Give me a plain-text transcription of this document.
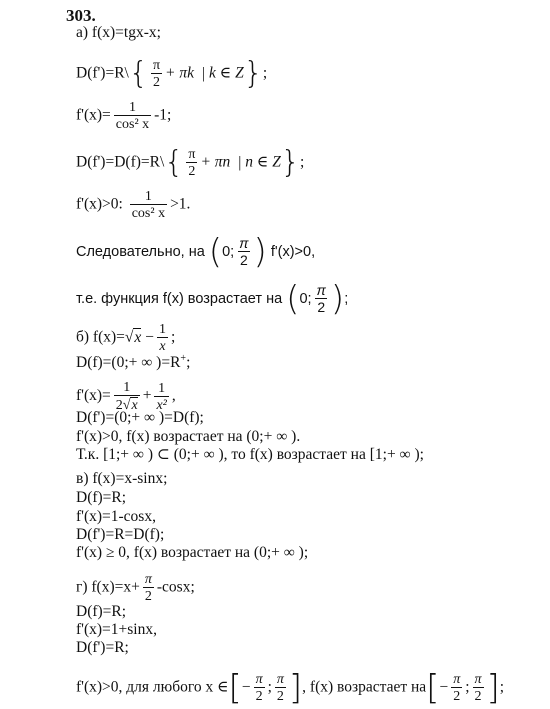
303.
а) f(x)=tgx-x;
D(f')=R\{ $\frac{\pi}{2} + \pi k$ | k ∈ Z};
$f'(x)= \frac{1}{\text{cos² x}} -1$;
D(f')=D(f)=R\{ $\frac{\pi}{2} + \pi n$ | n ∈ Z};
f'(x)>0: $\frac{1}{\text{cos² x}} >1$.
Следовательно, на (0; $\frac{\pi}{2}$ ) f'(x)>0,
т.е. функция f(x) возрастает на (0; $\frac{\pi}{2}$ );
б) $f(x)=√x - \frac{1}{x}$ ;
D(f)=(0;+ ∞ )=R+;
$f'(x)= \frac{1}{2√x} + \frac{1}{\text{x²}}$ ,
D(f')=(0;+ ∞ )=D(f);
f'(x)>0, f(x) возрастает на (0;+ ∞ ).
Т.к. [1;+ ∞ ) ⊂ (0;+ ∞ ), то f(x) возрастает на [1;+ ∞ );
в) f(x)=x-sinx;
D(f)=R;
f'(x)=1-cosx,
D(f')=R=D(f);
f'(x) ≥ 0, f(x) возрастает на (0;+ ∞ );
г) $f(x)=x+ \frac{\pi}{2} -\cos x$;
D(f)=R;
f'(x)=1+sinx,
D(f')=R;
f'(x)>0, для любого x ∈[− $\frac{\pi}{2}$ ; $\frac{\pi}{2}$ ], f(x) возрастает $на[- \frac{\pi}{2}$ ; $\frac{\pi}{2}$ ];
